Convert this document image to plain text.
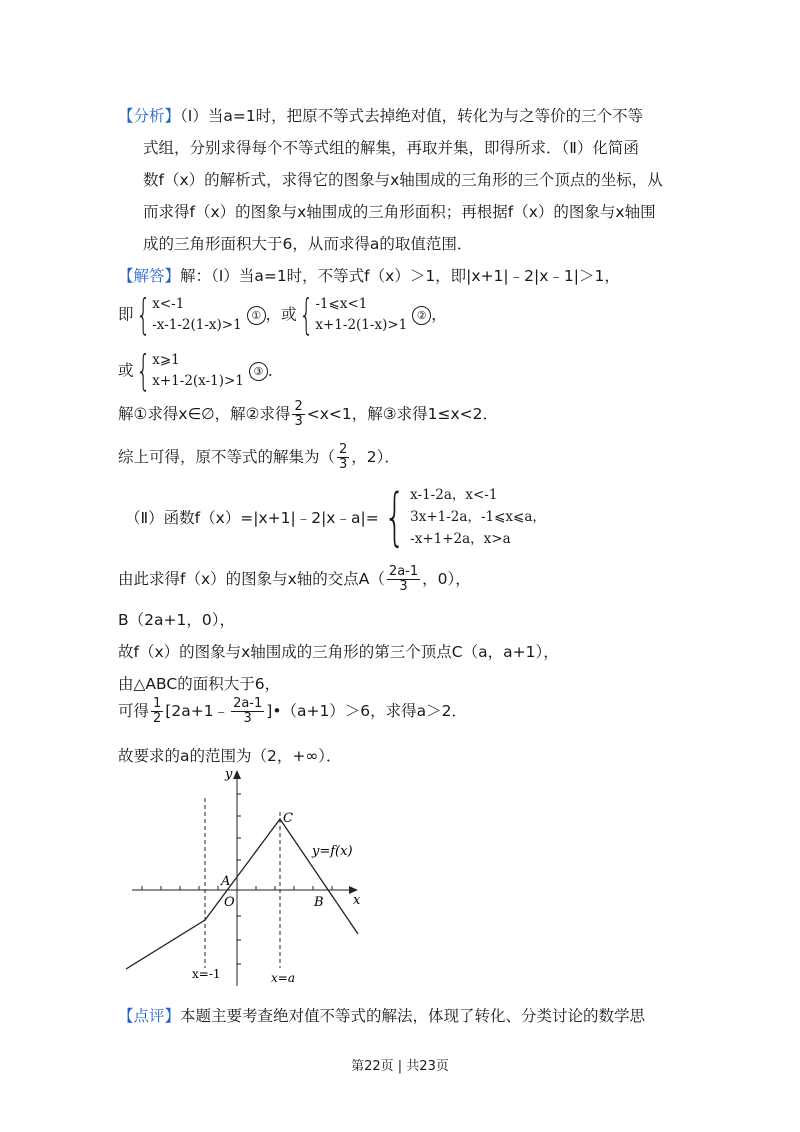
【分析】（Ⅰ）当a=1时，把原不等式去掉绝对值，转化为与之等价的三个不等
式组，分别求得每个不等式组的解集，再取并集，即得所求．（Ⅱ）化简函
数f（x）的解析式，求得它的图象与x轴围成的三角形的三个顶点的坐标，从
而求得f（x）的图象与x轴围成的三角形面积；再根据f（x）的图象与x轴围
成的三角形面积大于6，从而求得a的取值范围．
【解答】解：（Ⅰ）当a=1时，不等式f（x）＞1，即|x+1|﹣2|x﹣1|＞1，
即{ x<-1
-x-1-2(1-x)>1
① ，或{ -1⩽x<1
x+1-2(1-x)>1
② ，
或{ x⩾1
x+1-2(x-1)>1
③ ．
解①求得x∈∅，解②求得 $\frac{2}{3} <x<1$，解③求得1≤x<2．
综上可得，原不等式的解集为（ $\frac{2}{3}$ ，2）．
（Ⅱ）函数f（x）=|x+1|﹣2|x﹣a|={ x-1-2a，x<-1
3x+1-2a，-1⩽x⩽a，
-x+1+2a，x>a
由此求得f（x）的图象与x轴的交点$A( \frac{2a-1}{3}$ ，0），
B（2a+1，0），
故f（x）的图象与x轴围成的三角形的第三个顶点C（a，a+1），
由△ABC的面积大于6，
可得 $\frac{1}{2}$ [2a+1﹣ $\frac{2a-1}{3}$ ]•（a+1）＞6，求得a＞2．
故要求的a的范围为（2，+∞）．
y
x
C
A
O	B
y=f(x)
x=-1	x=a
【点评】本题主要考查绝对值不等式的解法，体现了转化、分类讨论的数学思
第22页 | 共23页
